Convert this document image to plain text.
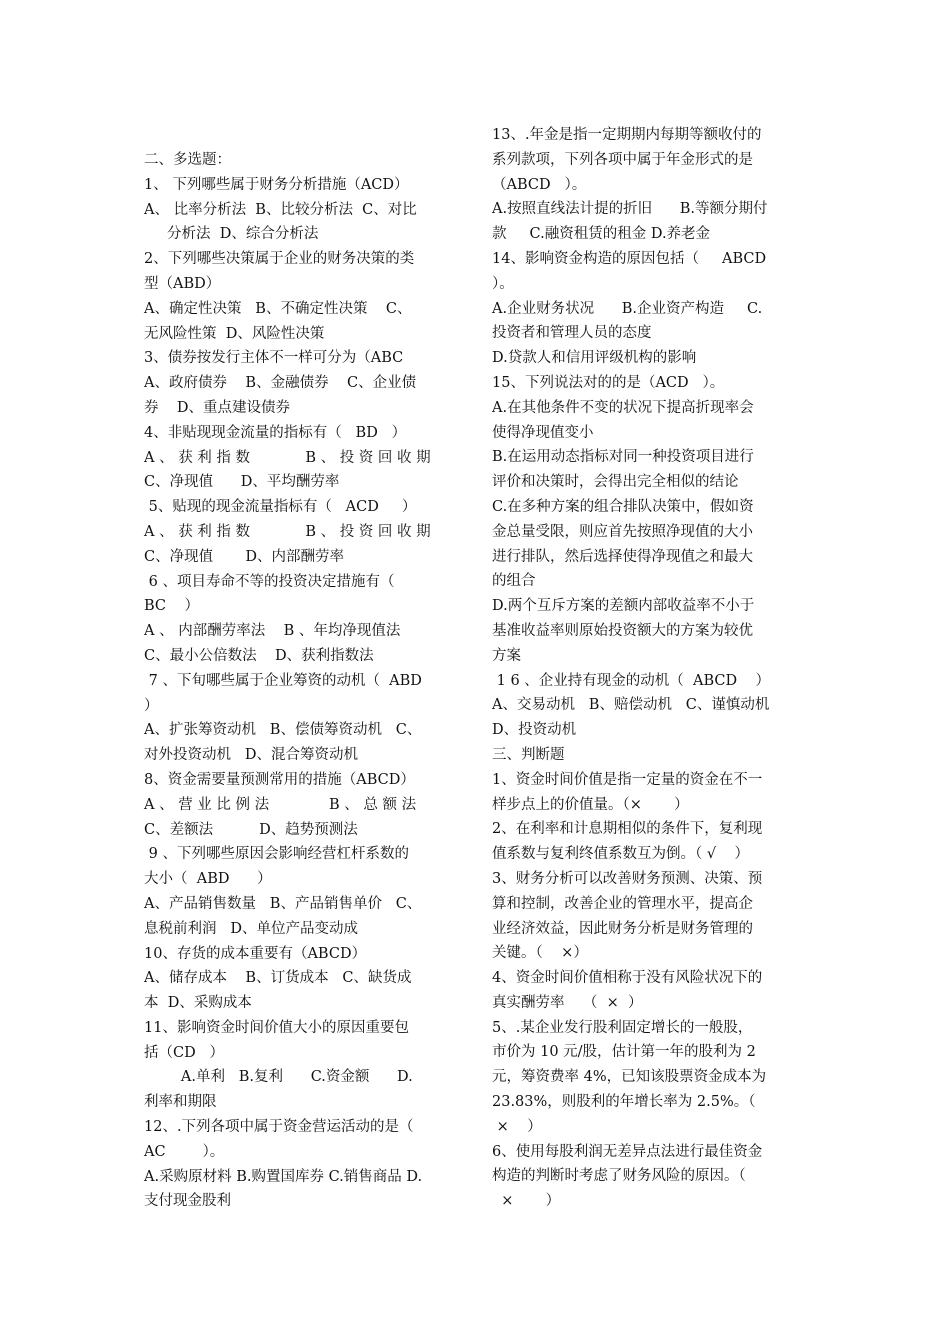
二、多选题：
1、 下列哪些属于财务分析措施（ACD）
A、 比率分析法  B、比较分析法  C、对比
分析法  D、综合分析法
2、下列哪些决策属于企业的财务决策的类
型（ABD）
A、确定性决策   B、不确定性决策    C、
无风险性策  D、风险性决策
3、债券按发行主体不一样可分为（ABC
A、政府债券    B、金融债券    C、企业债
券    D、重点建设债券
4、非贴现现金流量的指标有（   BD   ）
A 、 获 利 指 数            B 、 投 资 回 收 期
C、净现值      D、平均酬劳率
5、贴现的现金流量指标有（   ACD     ）
A 、 获 利 指 数            B 、 投 资 回 收 期
C、净现值       D、内部酬劳率
6 、项目寿命不等的投资决定措施有（
BC    ）
A 、 内部酬劳率法    B 、年均净现值法
C、最小公倍数法    D、获利指数法
7 、下旬哪些属于企业筹资的动机（  ABD
）
A、扩张筹资动机   B、偿债筹资动机   C、
对外投资动机   D、混合筹资动机
8、资金需要量预测常用的措施（ABCD）
A 、 营 业 比 例 法             B 、 总 额 法
C、差额法          D、趋势预测法
9 、下列哪些原因会影响经营杠杆系数的
大小（  ABD      ）
A、产品销售数量   B、产品销售单价   C、
息税前利润   D、单位产品变动成
10、存货的成本重要有（ABCD）
A、储存成本    B、订货成本   C、缺货成
本  D、采购成本
11、影响资金时间价值大小的原因重要包
括（CD   ）
A.单利   B.复利      C.资金额      D.
利率和期限
12、.下列各项中属于资金营运活动的是（
AC        ）。
A.采购原材料 B.购置国库券 C.销售商品 D.
支付现金股利
13、.年金是指一定期期内每期等额收付的
系列款项，下列各项中属于年金形式的是
（ABCD   ）。
A.按照直线法计提的折旧      B.等额分期付
款     C.融资租赁的租金 D.养老金
14、影响资金构造的原因包括（     ABCD
）。
A.企业财务状况      B.企业资产构造     C.
投资者和管理人员的态度
D.贷款人和信用评级机构的影响
15、下列说法对的的是（ACD   ）。
A.在其他条件不变的状况下提高折现率会
使得净现值变小
B.在运用动态指标对同一种投资项目进行
评价和决策时，会得出完全相似的结论
C.在多种方案的组合排队决策中，假如资
金总量受限，则应首先按照净现值的大小
进行排队，然后选择使得净现值之和最大
的组合
D.两个互斥方案的差额内部收益率不小于
基准收益率则原始投资额大的方案为较优
方案
1 6 、企业持有现金的动机（  ABCD    ）
A、交易动机   B、赔偿动机   C、谨慎动机
D、投资动机
三、判断题
1、资金时间价值是指一定量的资金在不一
样步点上的价值量。（×       ）
2、在利率和计息期相似的条件下，复利现
值系数与复利终值系数互为倒。（ √    ）
3、财务分析可以改善财务预测、决策、预
算和控制，改善企业的管理水平，提高企
业经济效益，因此财务分析是财务管理的
关键。（    ×）
4、资金时间价值相称于没有风险状况下的
真实酬劳率    （  ×  ）
5、.某企业发行股利固定增长的一般股，
市价为 10 元/股，估计第一年的股利为 2
元，筹资费率 4%，已知该股票资金成本为
23.83%，则股利的年增长率为 2.5%。（
×    ）
6、使用每股利润无差异点法进行最佳资金
构造的判断时考虑了财务风险的原因。（
×       ）
